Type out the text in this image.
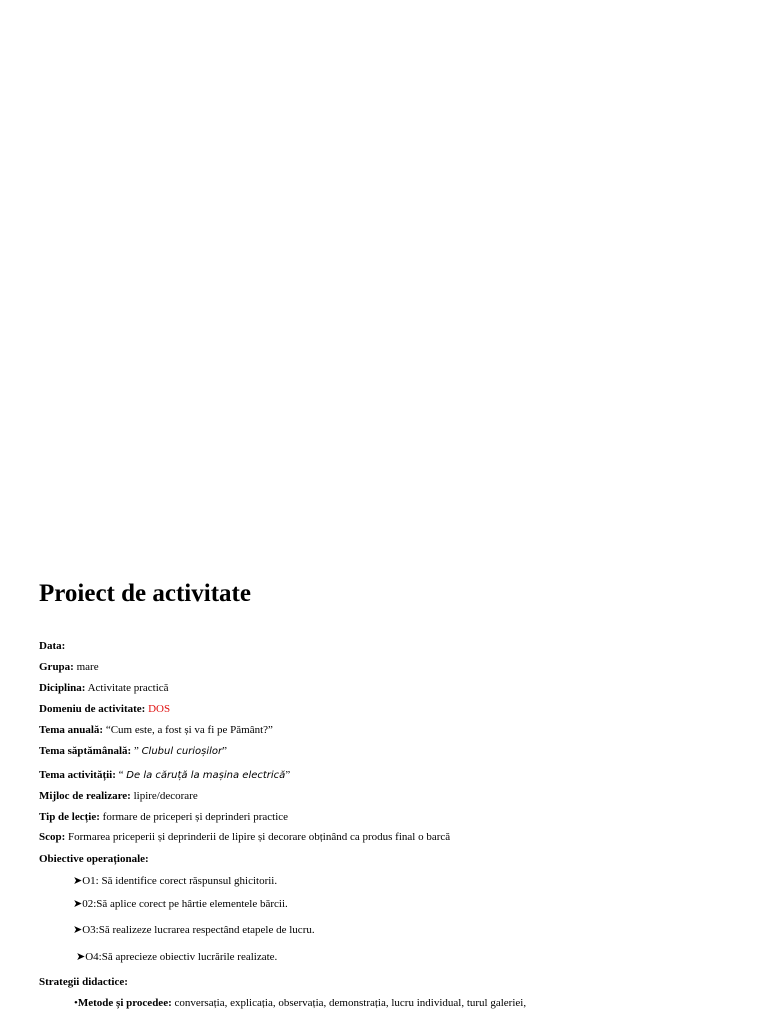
Proiect de activitate
Data:
Grupa: mare
Diciplina: Activitate practică
Domeniu de activitate: DOS
Tema anuală: “Cum este, a fost și va fi pe Pământ?”
Tema săptămânală: ” Clubul curioșilor”
Tema activității: “ De la căruță la mașina electrică”
Mijloc de realizare: lipire/decorare
Tip de lecție: formare de priceperi și deprinderi practice
Scop: Formarea priceperii și deprinderii de lipire și decorare obținând ca produs final o barcă
Obiective operaționale:
➤O1: Să identifice corect răspunsul ghicitorii.
➤02:Să aplice corect pe hârtie elementele bărcii.
➤O3:Să realizeze lucrarea respectând etapele de lucru.
➤O4:Să aprecieze obiectiv lucrările realizate.
Strategii didactice:
•Metode și procedee: conversația, explicația, observația, demonstrația, lucru individual, turul galeriei,
